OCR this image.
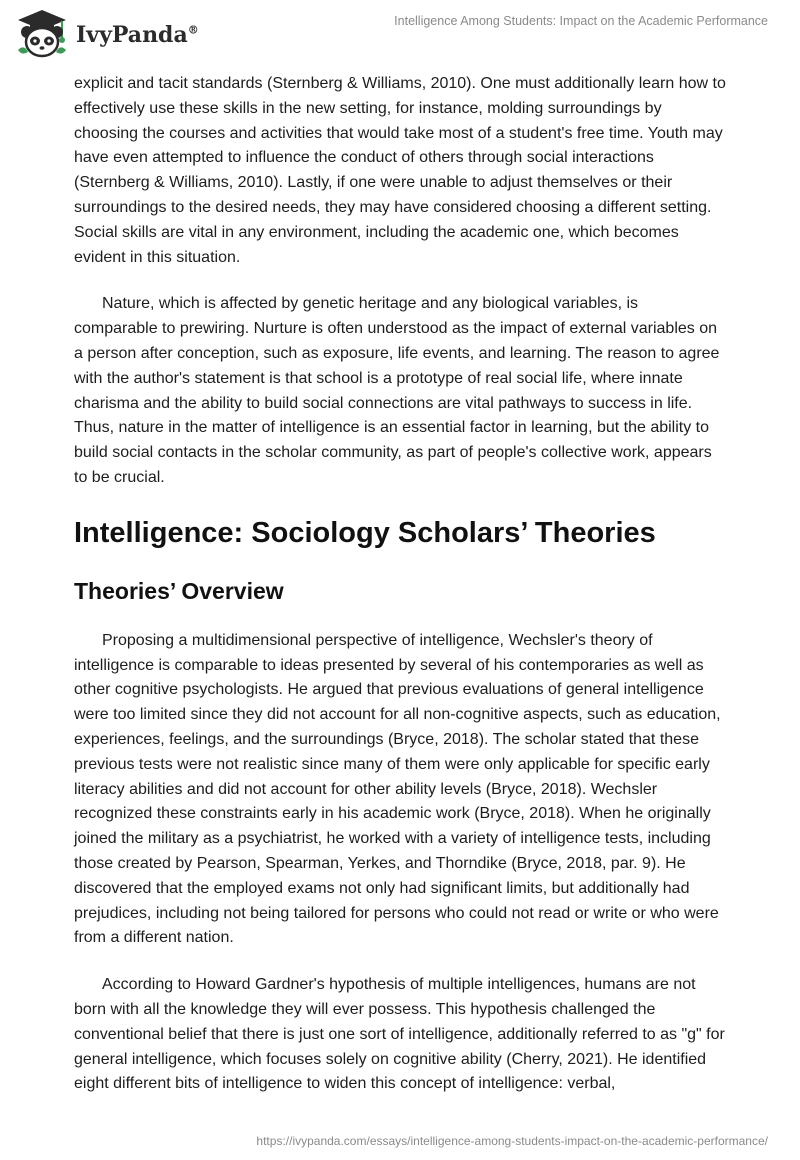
IvyPanda®
Intelligence Among Students: Impact on the Academic Performance

explicit and tacit standards (Sternberg & Williams, 2010). One must additionally learn how to effectively use these skills in the new setting, for instance, molding surroundings by choosing the courses and activities that would take most of a student's free time. Youth may have even attempted to influence the conduct of others through social interactions (Sternberg & Williams, 2010). Lastly, if one were unable to adjust themselves or their surroundings to the desired needs, they may have considered choosing a different setting. Social skills are vital in any environment, including the academic one, which becomes evident in this situation.

Nature, which is affected by genetic heritage and any biological variables, is comparable to prewiring. Nurture is often understood as the impact of external variables on a person after conception, such as exposure, life events, and learning. The reason to agree with the author's statement is that school is a prototype of real social life, where innate charisma and the ability to build social connections are vital pathways to success in life. Thus, nature in the matter of intelligence is an essential factor in learning, but the ability to build social contacts in the scholar community, as part of people's collective work, appears to be crucial.

Intelligence: Sociology Scholars’ Theories
Theories’ Overview

Proposing a multidimensional perspective of intelligence, Wechsler's theory of intelligence is comparable to ideas presented by several of his contemporaries as well as other cognitive psychologists. He argued that previous evaluations of general intelligence were too limited since they did not account for all non-cognitive aspects, such as education, experiences, feelings, and the surroundings (Bryce, 2018). The scholar stated that these previous tests were not realistic since many of them were only applicable for specific early literacy abilities and did not account for other ability levels (Bryce, 2018). Wechsler recognized these constraints early in his academic work (Bryce, 2018). When he originally joined the military as a psychiatrist, he worked with a variety of intelligence tests, including those created by Pearson, Spearman, Yerkes, and Thorndike (Bryce, 2018, par. 9). He discovered that the employed exams not only had significant limits, but additionally had prejudices, including not being tailored for persons who could not read or write or who were from a different nation.

According to Howard Gardner's hypothesis of multiple intelligences, humans are not born with all the knowledge they will ever possess. This hypothesis challenged the conventional belief that there is just one sort of intelligence, additionally referred to as "g" for general intelligence, which focuses solely on cognitive ability (Cherry, 2021). He identified eight different bits of intelligence to widen this concept of intelligence: verbal,

https://ivypanda.com/essays/intelligence-among-students-impact-on-the-academic-performance/
